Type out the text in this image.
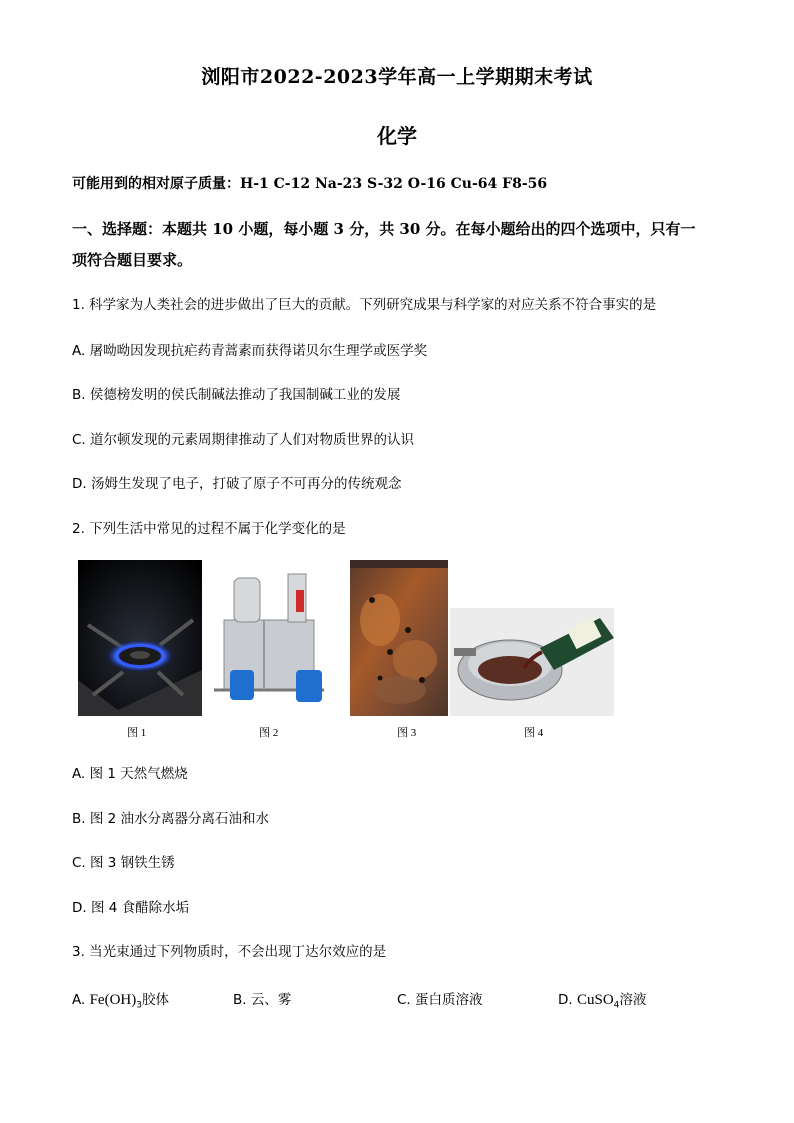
浏阳市2022-2023学年高一上学期期末考试
化学
可能用到的相对原子质量：H-1 C-12 Na-23 S-32 O-16 Cu-64 F8-56
一、选择题：本题共 10 小题，每小题 3 分，共 30 分。在每小题给出的四个选项中，只有一
项符合题目要求。
1. 科学家为人类社会的进步做出了巨大的贡献。下列研究成果与科学家的对应关系不符合事实的是
A. 屠呦呦因发现抗疟药青蒿素而获得诺贝尔生理学或医学奖
B. 侯德榜发明的侯氏制碱法推动了我国制碱工业的发展
C. 道尔顿发现的元素周期律推动了人们对物质世界的认识
D. 汤姆生发现了电子，打破了原子不可再分的传统观念
2. 下列生活中常见的过程不属于化学变化的是
图 1	图 2	图 3	图 4
A. 图 1 天然气燃烧
B. 图 2 油水分离器分离石油和水
C. 图 3 钢铁生锈
D. 图 4 食醋除水垢
3. 当光束通过下列物质时，不会出现丁达尔效应的是
A. $Fe(OH)_3$胶体	B. 云、雾	C. 蛋白质溶液	D. CuSO$_4$溶液
